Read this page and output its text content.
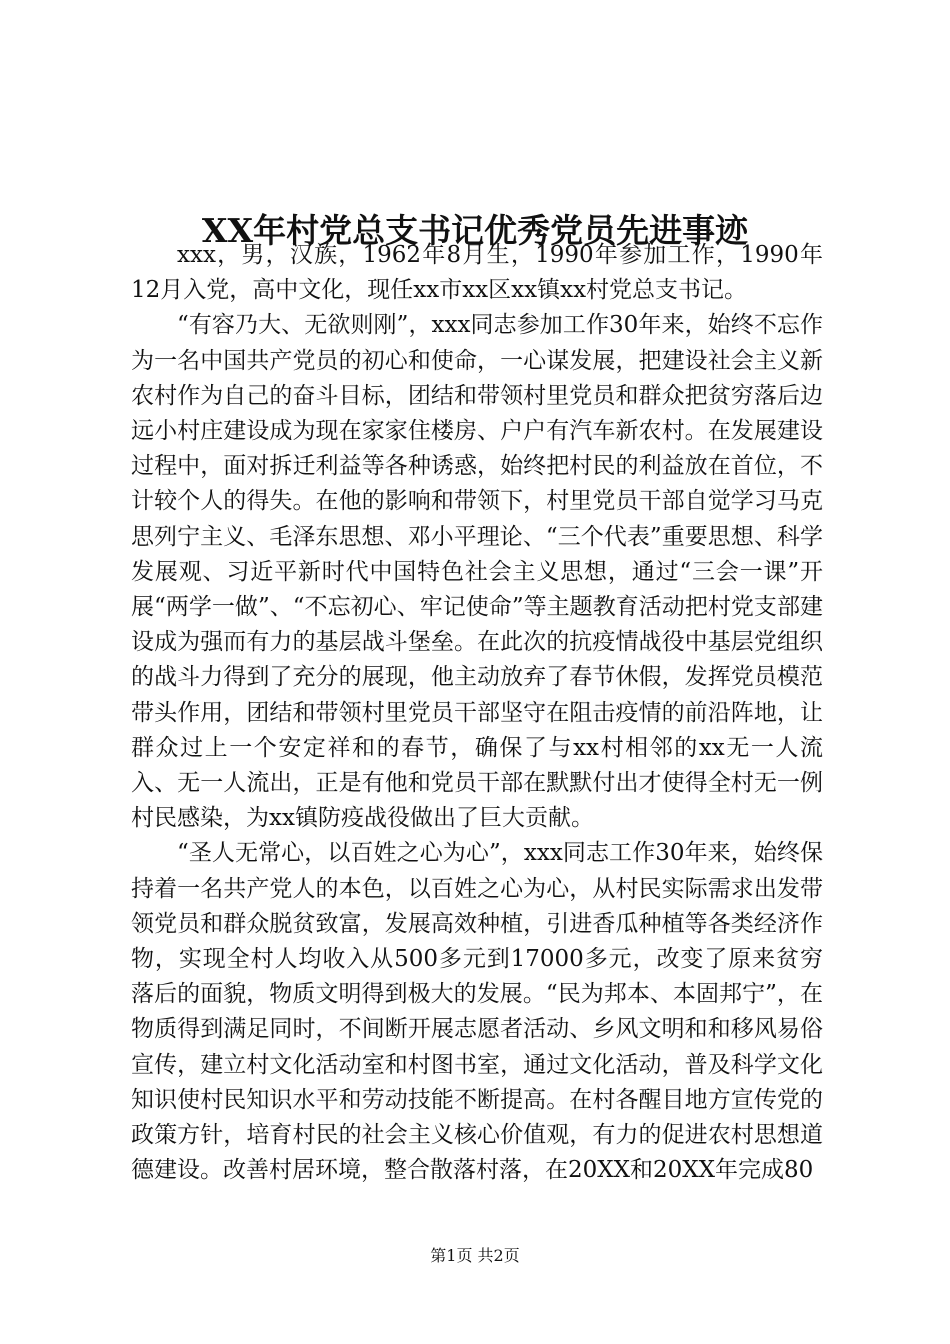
XX年村党总支书记优秀党员先进事迹

xxx，男，汉族，1962年8月生，1990年参加工作，1990年12月入党，高中文化，现任xx市xx区xx镇xx村党总支书记。

“有容乃大、无欲则刚”，xxx同志参加工作30年来，始终不忘作为一名中国共产党员的初心和使命，一心谋发展，把建设社会主义新农村作为自己的奋斗目标，团结和带领村里党员和群众把贫穷落后边远小村庄建设成为现在家家住楼房、户户有汽车新农村。在发展建设过程中，面对拆迁利益等各种诱惑，始终把村民的利益放在首位，不计较个人的得失。在他的影响和带领下，村里党员干部自觉学习马克思列宁主义、毛泽东思想、邓小平理论、“三个代表”重要思想、科学发展观、习近平新时代中国特色社会主义思想，通过“三会一课”开展“两学一做”、“不忘初心、牢记使命”等主题教育活动把村党支部建设成为强而有力的基层战斗堡垒。在此次的抗疫情战役中基层党组织的战斗力得到了充分的展现，他主动放弃了春节休假，发挥党员模范带头作用，团结和带领村里党员干部坚守在阻击疫情的前沿阵地，让群众过上一个安定祥和的春节，确保了与xx村相邻的xx无一人流入、无一人流出，正是有他和党员干部在默默付出才使得全村无一例村民感染，为xx镇防疫战役做出了巨大贡献。

“圣人无常心，以百姓之心为心”，xxx同志工作30年来，始终保持着一名共产党人的本色，以百姓之心为心，从村民实际需求出发带领党员和群众脱贫致富，发展高效种植，引进香瓜种植等各类经济作物，实现全村人均收入从500多元到17000多元，改变了原来贫穷落后的面貌，物质文明得到极大的发展。“民为邦本、本固邦宁”，在物质得到满足同时，不间断开展志愿者活动、乡风文明和和移风易俗宣传，建立村文化活动室和村图书室，通过文化活动，普及科学文化知识使村民知识水平和劳动技能不断提高。在村各醒目地方宣传党的政策方针，培育村民的社会主义核心价值观，有力的促进农村思想道德建设。改善村居环境，整合散落村落，在20XX和20XX年完成80

第1页 共2页
